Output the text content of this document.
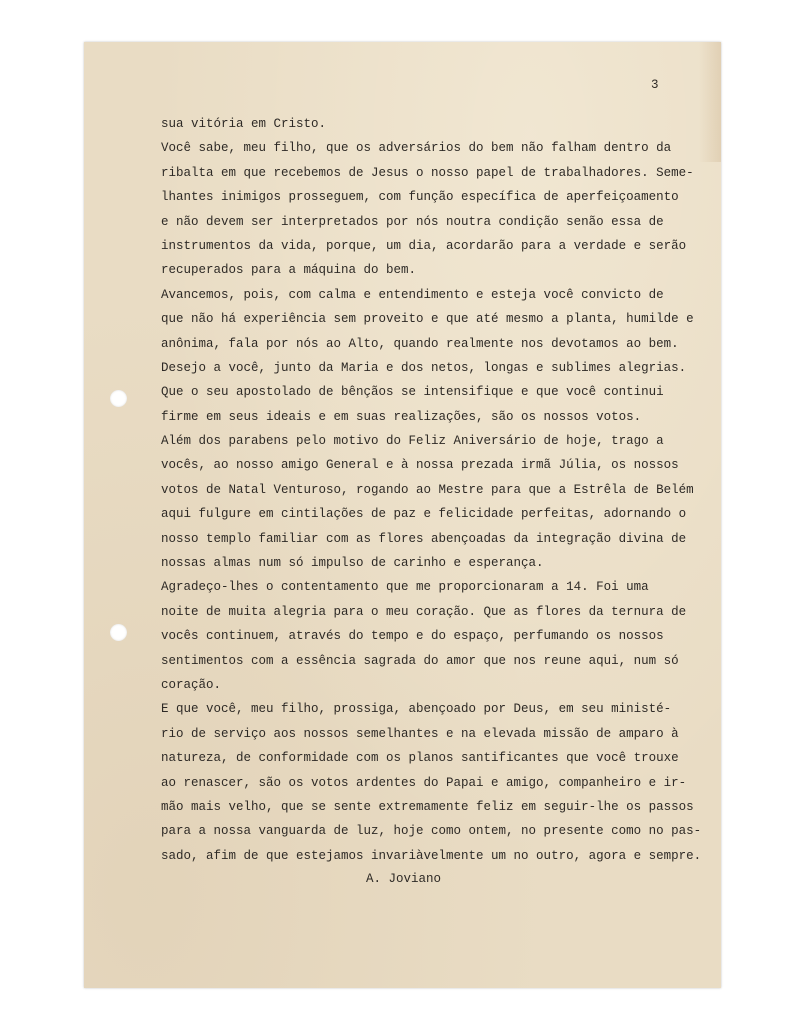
3
sua vitória em Cristo.
Você sabe, meu filho, que os adversários do bem não falham dentro da
ribalta em que recebemos de Jesus o nosso papel de trabalhadores. Seme-
lhantes inimigos prosseguem, com função específica de aperfeiçoamento
e não devem ser interpretados por nós noutra condição senão essa de
instrumentos da vida, porque, um dia, acordarão para a verdade e serão
recuperados para a máquina do bem.
Avancemos, pois, com calma e entendimento e esteja você convicto de
que não há experiência sem proveito e que até mesmo a planta, humilde e
anônima, fala por nós ao Alto, quando realmente nos devotamos ao bem.
Desejo a você, junto da Maria e dos netos, longas e sublimes alegrias.
Que o seu apostolado de bênçãos se intensifique e que você continui
firme em seus ideais e em suas realizações, são os nossos votos.
Além dos parabens pelo motivo do Feliz Aniversário de hoje, trago a
vocês, ao nosso amigo General e à nossa prezada irmã Júlia, os nossos
votos de Natal Venturoso, rogando ao Mestre para que a Estrêla de Belém
aqui fulgure em cintilações de paz e felicidade perfeitas, adornando o
nosso templo familiar com as flores abençoadas da integração divina de
nossas almas num só impulso de carinho e esperança.
Agradeço-lhes o contentamento que me proporcionaram a 14. Foi uma
noite de muita alegria para o meu coração. Que as flores da ternura de
vocês continuem, através do tempo e do espaço, perfumando os nossos
sentimentos com a essência sagrada do amor que nos reune aqui, num só
coração.
E que você, meu filho, prossiga, abençoado por Deus, em seu ministé-
rio de serviço aos nossos semelhantes e na elevada missão de amparo à
natureza, de conformidade com os planos santificantes que você trouxe
ao renascer, são os votos ardentes do Papai e amigo, companheiro e ir-
mão mais velho, que se sente extremamente feliz em seguir-lhe os passos
para a nossa vanguarda de luz, hoje como ontem, no presente como no pas-
sado, afim de que estejamos invariàvelmente um no outro, agora e sempre.
A. Joviano
